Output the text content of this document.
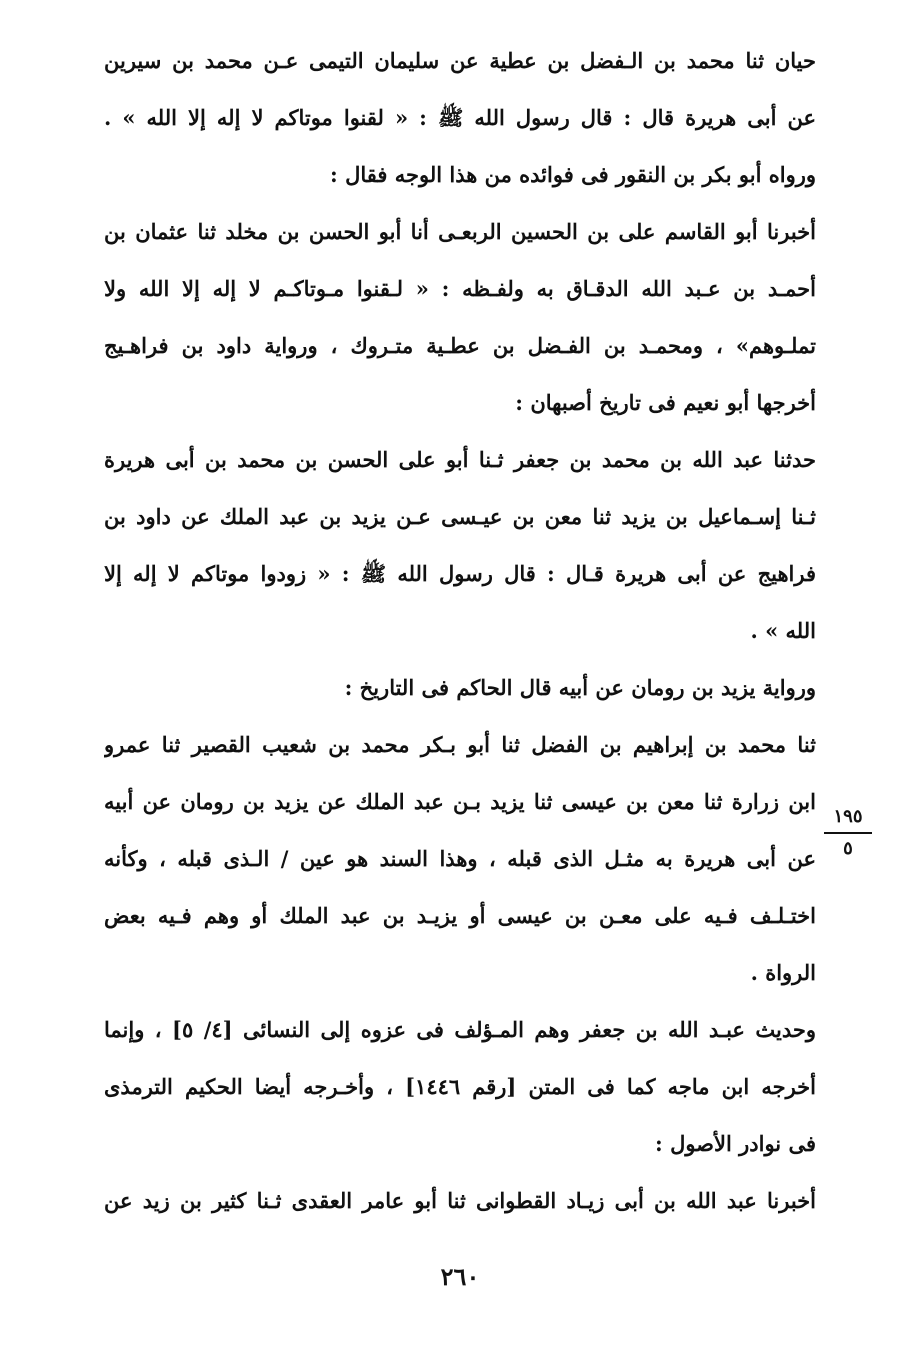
حيان ثنا محمد بن الـفضل بن عطية عن سليمان التيمى عـن محمد بن سيرين
عن أبى هريرة قال : قال رسول الله ﷺ : « لقنوا موتاكم لا إله إلا الله » .
ورواه أبو بكر بن النقور فى فوائده من هذا الوجه فقال :
أخبرنا أبو القاسم على بن الحسين الربعـى أنا أبو الحسن بن مخلد ثنا عثمان بن
أحمـد بن عـبد الله الدقـاق به ولفـظه : « لـقنوا مـوتاكـم لا إله إلا الله ولا
تملـوهم» ، ومحمـد بن الفـضل بن عطـية متـروك ، ورواية داود بن فراهـيج
أخرجها أبو نعيم فى تاريخ أصبهان :
حدثنا عبد الله بن محمد بن جعفر ثـنا أبو على الحسن بن محمد بن أبى هريرة
ثـنا إسـماعيل بن يزيد ثنا معن بن عيـسى عـن يزيد بن عبد الملك عن داود بن
فراهيج عن أبى هريرة قـال : قال رسول الله ﷺ : « زودوا موتاكم لا إله إلا
الله » .
ورواية يزيد بن رومان عن أبيه قال الحاكم فى التاريخ :
ثنا محمد بن إبراهيم بن الفضل ثنا أبو بـكر محمد بن شعيب القصير ثنا عمرو
ابن زرارة ثنا معن بن عيسى ثنا يزيد بـن عبد الملك عن يزيد بن رومان عن أبيه
عن أبى هريرة به مثـل الذى قبله ، وهذا السند هو عين / الـذى قبله ، وكأنه
اختـلـف فـيه على معـن بن عيسى أو يزيـد بن عبد الملك أو وهم فـيه بعض
الرواة .
وحديث عبـد الله بن جعفر وهم المـؤلف فى عزوه إلى النسائى [٤/ ٥] ، وإنما
أخرجه ابن ماجه كما فى المتن [رقم ١٤٤٦] ، وأخـرجه أيضا الحكيم الترمذى
فى نوادر الأصول :
أخبرنا عبد الله بن أبى زيـاد القطوانى ثنا أبو عامر العقدى ثـنا كثير بن زيد عن
١٩٥
٥
٢٦٠
